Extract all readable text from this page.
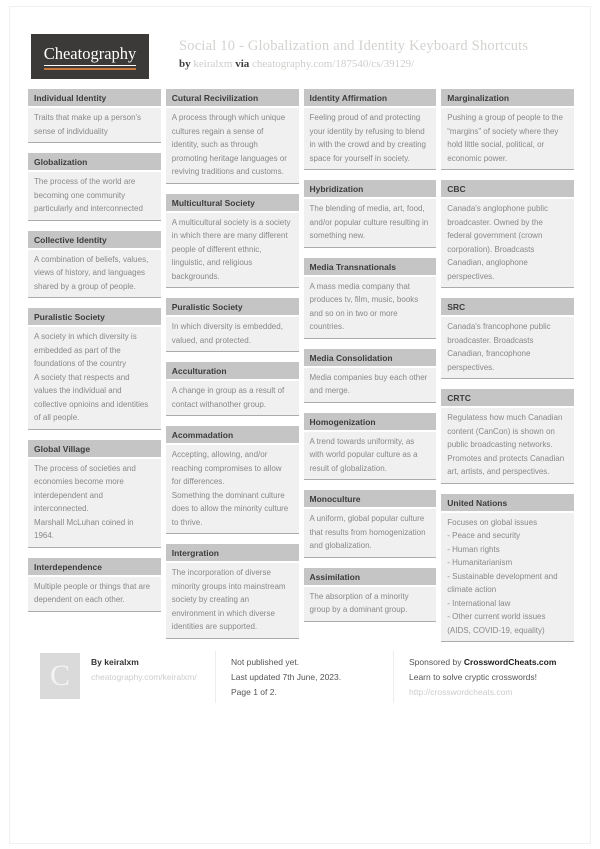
Cheatography	Social 10 - Globalization and Identity Keyboard Shortcuts
by keiralxm via cheatography.com/187540/cs/39129/
Individual Identity
Traits that make up a person's sense of individuality
Globalization
The process of the world are becoming one community particularly and interconnected
Collective Identity
A combination of beliefs, values, views of history, and languages shared by a group of people.
Puralistic Society
A society in which diversity is embedded as part of the foundations of the country
A society that respects and values the individual and collective opnioins and identities of all people.
Global Village
The process of societies and economies become more interdependent and interconnected.
Marshall McLuhan coined in 1964.
Interdependence
Multiple people or things that are dependent on each other.
Cutural Recivilization
A process through which unique cultures regain a sense of identity, such as through promoting heritage languages or reviving traditions and customs.
Multicultural Society
A multicultural society is a society in which there are many different people of different ethnic, linguistic, and religious backgrounds.
Puralistic Society
In which diversity is embedded, valued, and protected.
Acculturation
A change in group as a result of contact withanother group.
Acommadation
Accepting, allowing, and/or reaching compromises to allow for differences.
Something the dominant culture does to allow the minority culture to thrive.
Intergration
The incorporation of diverse minority groups into mainstream society by creating an environment in which diverse identities are supported.
Identity Affirmation
Feeling proud of and protecting your identity by refusing to blend in with the crowd and by creating space for yourself in society.
Hybridization
The blending of media, art, food, and/or popular culture resulting in something new.
Media Transnationals
A mass media company that produces tv, film, music, books and so on in two or more countries.
Media Consolidation
Media companies buy each other and merge.
Homogenization
A trend towards uniformity, as with world popular culture as a result of globalization.
Monoculture
A uniform, global popular culture that results from homogenization and globalization.
Assimilation
The absorption of a minority group by a dominant group.
Marginalization
Pushing a group of people to the “margins” of society where they hold little social, political, or economic power.
CBC
Canada's anglophone public broadcaster. Owned by the federal government (crown corporation). Broadcasts Canadian, anglophone perspectives.
SRC
Canada's francophone public broadcaster. Broadcasts Canadian, francophone perspectives.
CRTC
Regulatess how much Canadian content (CanCon) is shown on public broadcasting networks. Promotes and protects Canadian art, artists, and perspectives.
United Nations
Focuses on global issues
- Peace and security
- Human rights
- Humanitarianism
- Sustainable development and climate action
- International law
- Other current world issues (AIDS, COVID-19, equality)
C By keiralxm
cheatography.com/keiralxm/
Not published yet.
Last updated 7th June, 2023.
Page 1 of 2.
Sponsored by CrosswordCheats.com
Learn to solve cryptic crosswords!
http://crosswordcheats.com
